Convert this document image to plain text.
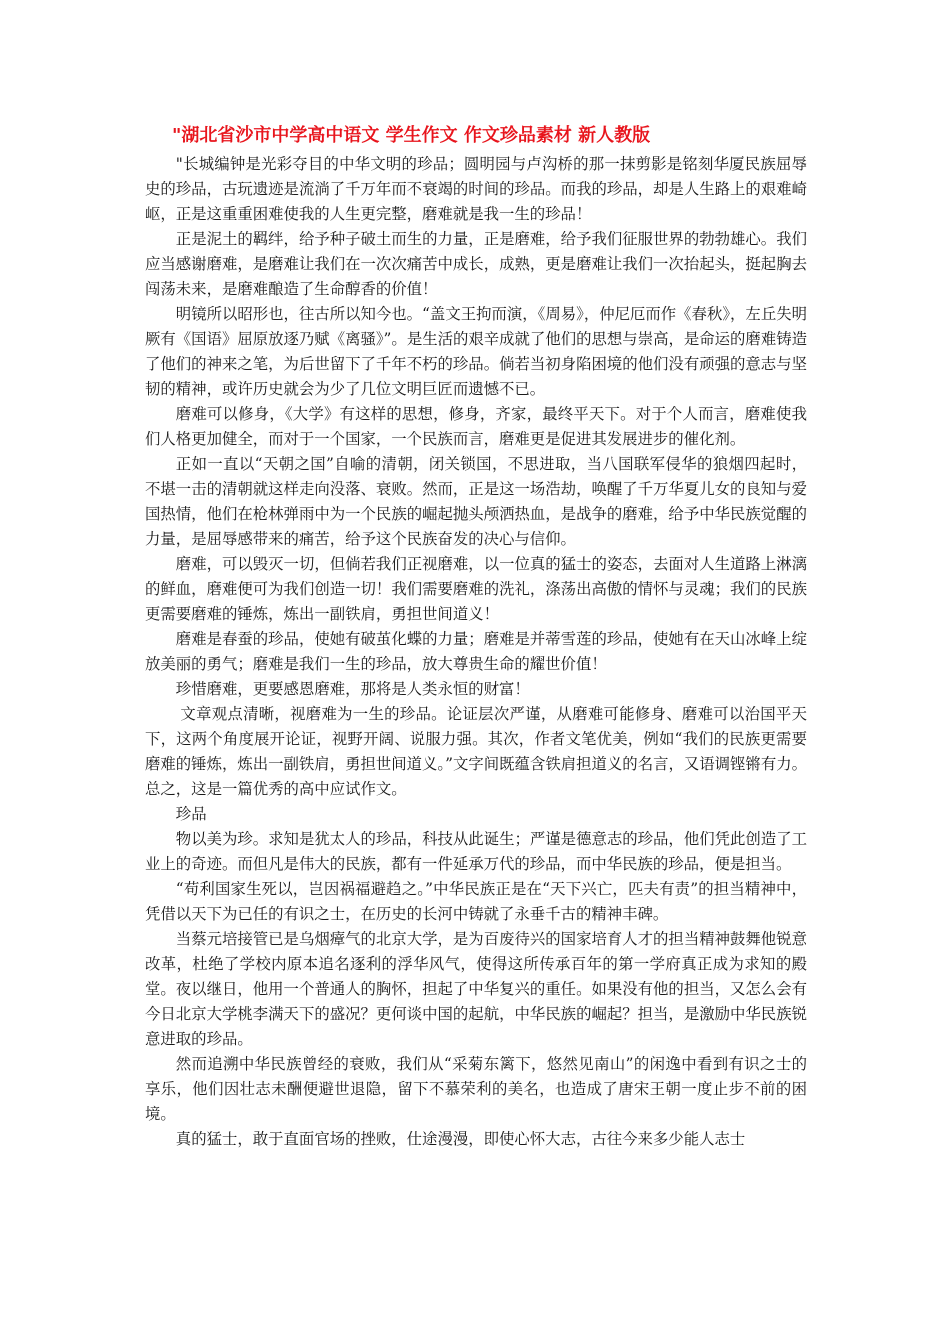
"湖北省沙市中学高中语文 学生作文 作文珍品素材 新人教版

"长城编钟是光彩夺目的中华文明的珍品；圆明园与卢沟桥的那一抹剪影是铭刻华厦民族屈辱史的珍品，古玩遗迹是流淌了千万年而不衰竭的时间的珍品。而我的珍品，却是人生路上的艰难崎岖，正是这重重困难使我的人生更完整，磨难就是我一生的珍品！

正是泥土的羁绊，给予种子破土而生的力量，正是磨难，给予我们征服世界的勃勃雄心。我们应当感谢磨难，是磨难让我们在一次次痛苦中成长，成熟，更是磨难让我们一次抬起头，挺起胸去闯荡未来，是磨难酿造了生命醇香的价值！

明镜所以昭形也，往古所以知今也。“盖文王拘而演，《周易》，仲尼厄而作《春秋》，左丘失明厥有《国语》屈原放逐乃赋《离骚》”。是生活的艰辛成就了他们的思想与崇高，是命运的磨难铸造了他们的神来之笔，为后世留下了千年不朽的珍品。倘若当初身陷困境的他们没有顽强的意志与坚韧的精神，或许历史就会为少了几位文明巨匠而遗憾不已。

磨难可以修身，《大学》有这样的思想，修身，齐家，最终平天下。对于个人而言，磨难使我们人格更加健全，而对于一个国家，一个民族而言，磨难更是促进其发展进步的催化剂。

正如一直以“天朝之国”自喻的清朝，闭关锁国，不思进取，当八国联军侵华的狼烟四起时，不堪一击的清朝就这样走向没落、衰败。然而，正是这一场浩劫，唤醒了千万华夏儿女的良知与爱国热情，他们在枪林弹雨中为一个民族的崛起抛头颅洒热血，是战争的磨难，给予中华民族觉醒的力量，是屈辱感带来的痛苦，给予这个民族奋发的决心与信仰。

磨难，可以毁灭一切，但倘若我们正视磨难，以一位真的猛士的姿态，去面对人生道路上淋漓的鲜血，磨难便可为我们创造一切！我们需要磨难的洗礼，涤荡出高傲的情怀与灵魂；我们的民族更需要磨难的锤炼，炼出一副铁肩，勇担世间道义！

磨难是春蚕的珍品，使她有破茧化蝶的力量；磨难是并蒂雪莲的珍品，使她有在天山冰峰上绽放美丽的勇气；磨难是我们一生的珍品，放大尊贵生命的耀世价值！

珍惜磨难，更要感恩磨难，那将是人类永恒的财富！

文章观点清晰，视磨难为一生的珍品。论证层次严谨，从磨难可能修身、磨难可以治国平天下，这两个角度展开论证，视野开阔、说服力强。其次，作者文笔优美，例如“我们的民族更需要磨难的锤炼，炼出一副铁肩，勇担世间道义。”文字间既蕴含铁肩担道义的名言，又语调铿锵有力。总之，这是一篇优秀的高中应试作文。

珍品

物以美为珍。求知是犹太人的珍品，科技从此诞生；严谨是德意志的珍品，他们凭此创造了工业上的奇迹。而但凡是伟大的民族，都有一件延承万代的珍品，而中华民族的珍品，便是担当。

“苟利国家生死以，岂因祸福避趋之。”中华民族正是在“天下兴亡，匹夫有责”的担当精神中，凭借以天下为已任的有识之士，在历史的长河中铸就了永垂千古的精神丰碑。

当蔡元培接管已是乌烟瘴气的北京大学，是为百废待兴的国家培育人才的担当精神鼓舞他锐意改革，杜绝了学校内原本追名逐利的浮华风气，使得这所传承百年的第一学府真正成为求知的殿堂。夜以继日，他用一个普通人的胸怀，担起了中华复兴的重任。如果没有他的担当，又怎么会有今日北京大学桃李满天下的盛况？更何谈中国的起航，中华民族的崛起？担当，是激励中华民族锐意进取的珍品。

然而追溯中华民族曾经的衰败，我们从“采菊东篱下，悠然见南山”的闲逸中看到有识之士的享乐，他们因壮志未酬便避世退隐，留下不慕荣利的美名，也造成了唐宋王朝一度止步不前的困境。

真的猛士，敢于直面官场的挫败，仕途漫漫，即使心怀大志，古往今来多少能人志士
